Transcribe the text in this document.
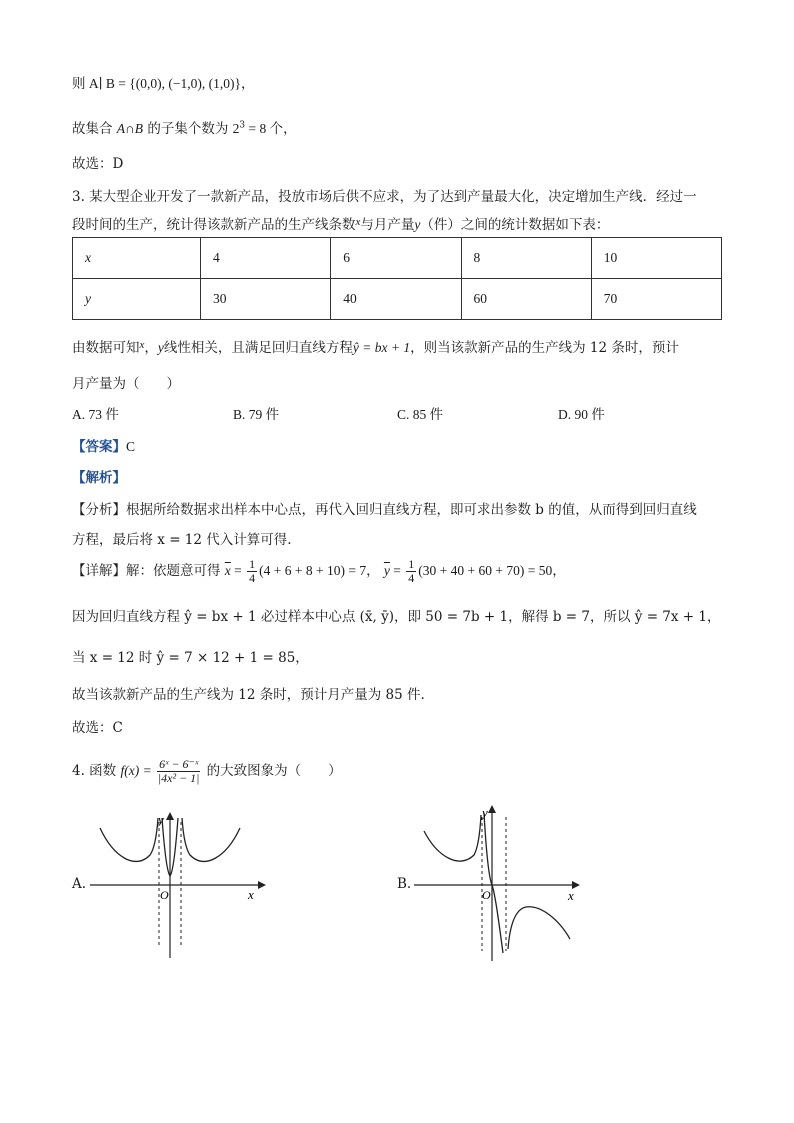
则 A∣ B = {(0,0), (−1,0), (1,0)}，
故集合 A∩B 的子集个数为 $2^3 = 8$ 个，
故选：D
3. 某大型企业开发了一款新产品，投放市场后供不应求，为了达到产量最大化，决定增加生产线．经过一
段时间的生产，统计得该款新产品的生产线条数$^x$与月产量y（件）之间的统计数据如下表：
x	4	6	8	10
y	30	40	60	70
由数据可知$^x$，y线性相关，且满足回归直线方程ŷ = bx + 1，则当该款新产品的生产线为 12 条时，预计
月产量为（　　）
A. 73 件	B. 79 件	C. 85 件	D. 90 件
【答案】C
【解析】
【分析】根据所给数据求出样本中心点，再代入回归直线方程，即可求出参数 b 的值，从而得到回归直线
方程，最后将 x = 12 代入计算可得.
【详解】解：依题意可得 $\overline{x} = \frac{1}{4} (4 + 6 + 8 + 10) = 7$， $\overline{y} = \frac{1}{4} (30 + 40 + 60 + 70) = 50$，
因为回归直线方程 ŷ = bx + 1 必过样本中心点 (x̄, ȳ)，即 50 = 7b + 1，解得 b = 7，所以 ŷ = 7x + 1，
当 x = 12 时 ŷ = 7 × 12 + 1 = 85，
故当该款新产品的生产线为 12 条时，预计月产量为 85 件.
故选：C
4. 函数 $f(x) = \frac{\text{6ˣ − 6⁻ˣ}}{\text{|4x² − 1|}}$ 的大致图象为（　　）
A.
O	x
y
B.
O	x
y
